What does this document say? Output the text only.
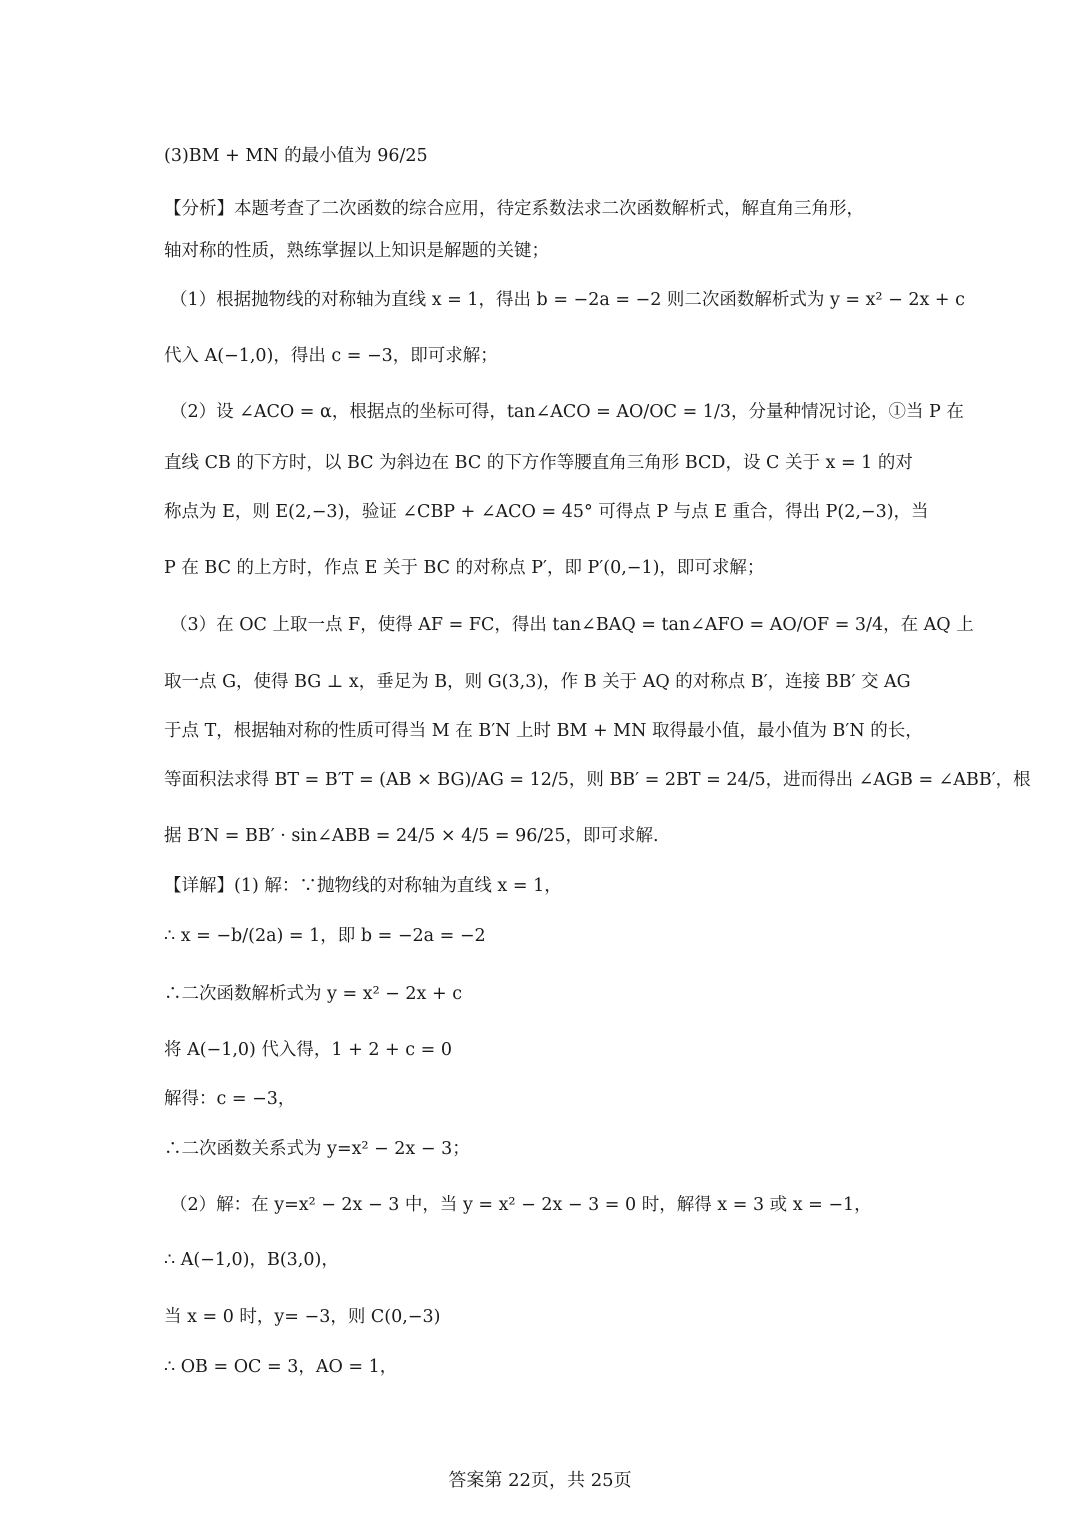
(3)BM + MN 的最小值为 96/25
【分析】本题考查了二次函数的综合应用，待定系数法求二次函数解析式，解直角三角形，
轴对称的性质，熟练掌握以上知识是解题的关键；
（1）根据抛物线的对称轴为直线 x = 1，得出 b = −2a = −2 则二次函数解析式为 y = x² − 2x + c
代入 A(−1,0)，得出 c = −3，即可求解；
（2）设 ∠ACO = α，根据点的坐标可得，tan∠ACO = AO/OC = 1/3，分量种情况讨论，①当 P 在
直线 CB 的下方时，以 BC 为斜边在 BC 的下方作等腰直角三角形 BCD，设 C 关于 x = 1 的对
称点为 E，则 E(2,−3)，验证 ∠CBP + ∠ACO = 45° 可得点 P 与点 E 重合，得出 P(2,−3)，当
P 在 BC 的上方时，作点 E 关于 BC 的对称点 P′，即 P′(0,−1)，即可求解；
（3）在 OC 上取一点 F，使得 AF = FC，得出 tan∠BAQ = tan∠AFO = AO/OF = 3/4，在 AQ 上
取一点 G，使得 BG ⊥ x，垂足为 B，则 G(3,3)，作 B 关于 AQ 的对称点 B′，连接 BB′ 交 AG
于点 T，根据轴对称的性质可得当 M 在 B′N 上时 BM + MN 取得最小值，最小值为 B′N 的长，
等面积法求得 BT = B′T = (AB × BG)/AG = 12/5，则 BB′ = 2BT = 24/5，进而得出 ∠AGB = ∠ABB′，根
据 B′N = BB′ · sin∠ABB = 24/5 × 4/5 = 96/25，即可求解.
【详解】(1) 解：∵抛物线的对称轴为直线 x = 1，
∴ x = −b/(2a) = 1，即 b = −2a = −2
∴二次函数解析式为 y = x² − 2x + c
将 A(−1,0) 代入得，1 + 2 + c = 0
解得：c = −3，
∴二次函数关系式为 y=x² − 2x − 3；
（2）解：在 y=x² − 2x − 3 中，当 y = x² − 2x − 3 = 0 时，解得 x = 3 或 x = −1，
∴ A(−1,0)，B(3,0)，
当 x = 0 时，y= −3，则 C(0,−3)
∴ OB = OC = 3，AO = 1，
答案第 22页，共 25页
